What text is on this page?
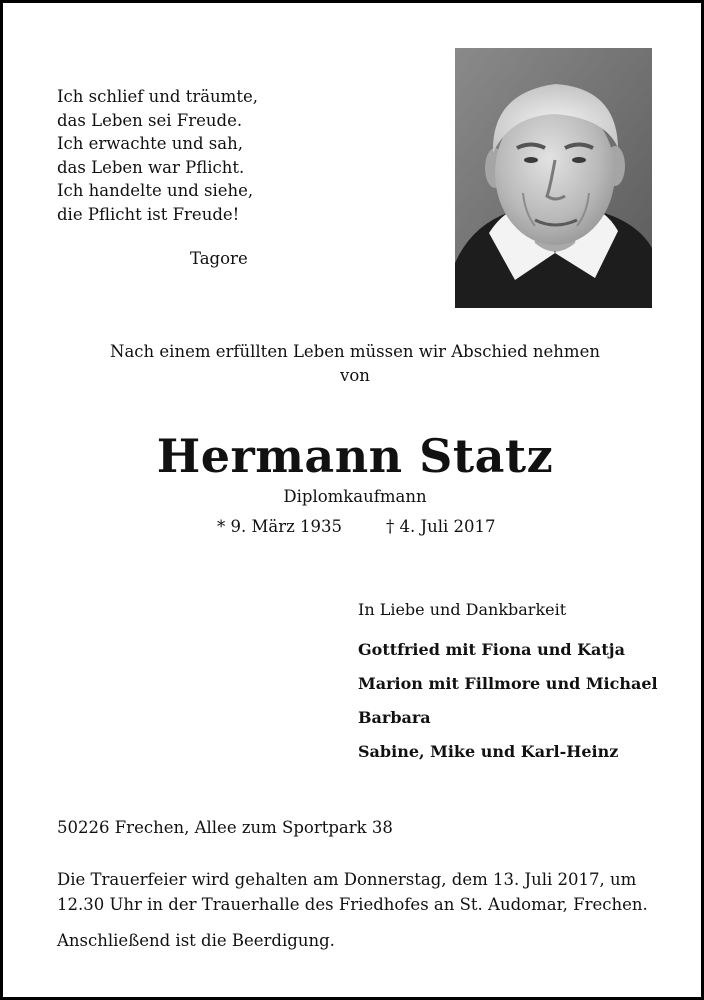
Ich schlief und träumte,
das Leben sei Freude.
Ich erwachte und sah,
das Leben war Pflicht.
Ich handelte und siehe,
die Pflicht ist Freude!
Tagore
Nach einem erfüllten Leben müssen wir Abschied nehmen
von
Hermann Statz
Diplomkaufmann
* 9. März 1935	† 4. Juli 2017
In Liebe und Dankbarkeit
Gottfried mit Fiona und Katja
Marion mit Fillmore und Michael
Barbara
Sabine, Mike und Karl-Heinz
50226 Frechen, Allee zum Sportpark 38
Die Trauerfeier wird gehalten am Donnerstag, dem 13. Juli 2017, um
12.30 Uhr in der Trauerhalle des Friedhofes an St. Audomar, Frechen.
Anschließend ist die Beerdigung.
